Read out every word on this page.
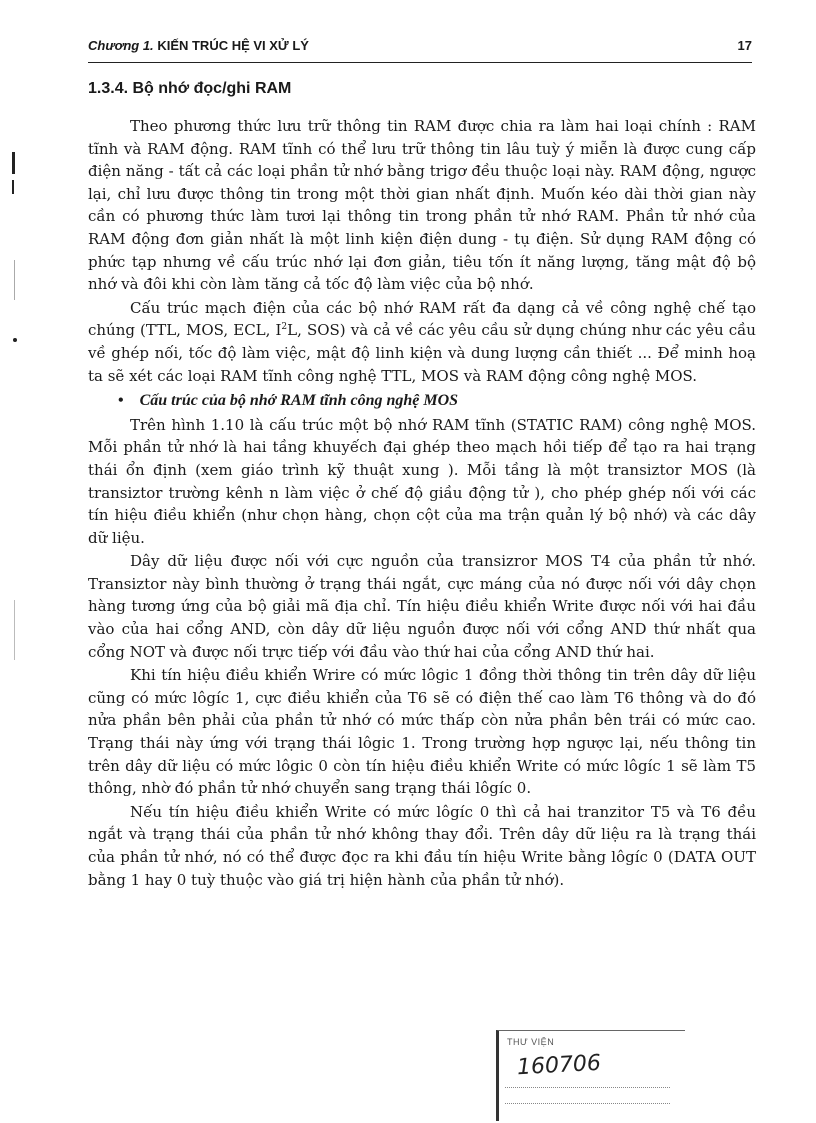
Chương 1. KIẾN TRÚC HỆ VI XỬ LÝ	17
1.3.4. Bộ nhớ đọc/ghi RAM

Theo phương thức lưu trữ thông tin RAM được chia ra làm hai loại chính : RAM tĩnh và RAM động. RAM tĩnh có thể lưu trữ thông tin lâu tuỳ ý miễn là được cung cấp điện năng - tất cả các loại phần tử nhớ bằng trigơ đều thuộc loại này. RAM động, ngược lại, chỉ lưu được thông tin trong một thời gian nhất định. Muốn kéo dài thời gian này cần có phương thức làm tươi lại thông tin trong phần tử nhớ RAM. Phần tử nhớ của RAM động đơn giản nhất là một linh kiện điện dung - tụ điện. Sử dụng RAM động có phức tạp nhưng về cấu trúc nhớ lại đơn giản, tiêu tốn ít năng lượng, tăng mật độ bộ nhớ và đôi khi còn làm tăng cả tốc độ làm việc của bộ nhớ.

Cấu trúc mạch điện của các bộ nhớ RAM rất đa dạng cả về công nghệ chế tạo chúng (TTL, MOS, ECL, $I^2L$, SOS) và cả về các yêu cầu sử dụng chúng như các yêu cầu về ghép nối, tốc độ làm việc, mật độ linh kiện và dung lượng cần thiết ... Để minh hoạ ta sẽ xét các loại RAM tĩnh công nghệ TTL, MOS và RAM động công nghệ MOS.

• Cấu trúc của bộ nhớ RAM tĩnh công nghệ MOS

Trên hình 1.10 là cấu trúc một bộ nhớ RAM tĩnh (STATIC RAM) công nghệ MOS. Mỗi phần tử nhớ là hai tầng khuyếch đại ghép theo mạch hồi tiếp để tạo ra hai trạng thái ổn định (xem giáo trình kỹ thuật xung ). Mỗi tầng là một transiztor MOS (là transiztor trường kênh n làm việc ở chế độ giầu động tử ), cho phép ghép nối với các tín hiệu điều khiển (như chọn hàng, chọn cột của ma trận quản lý bộ nhớ) và các dây dữ liệu.

Dây dữ liệu được nối với cực nguồn của transizror MOS T4 của phần tử nhớ. Transiztor này bình thường ở trạng thái ngắt, cực máng của nó được nối với dây chọn hàng tương ứng của bộ giải mã địa chỉ. Tín hiệu điều khiển Write được nối với hai đầu vào của hai cổng AND, còn dây dữ liệu nguồn được nối với cổng AND thứ nhất qua cổng NOT và được nối trực tiếp với đầu vào thứ hai của cổng AND thứ hai.

Khi tín hiệu điều khiển Wrire có mức lôgic 1 đồng thời thông tin trên dây dữ liệu cũng có mức lôgíc 1, cực điều khiển của T6 sẽ có điện thế cao làm T6 thông và do đó nửa phần bên phải của phần tử nhớ có mức thấp còn nửa phần bên trái có mức cao. Trạng thái này ứng với trạng thái lôgic 1. Trong trường hợp ngược lại, nếu thông tin trên dây dữ liệu có mức lôgic 0 còn tín hiệu điều khiển Write có mức lôgíc 1 sẽ làm T5 thông, nhờ đó phần tử nhớ chuyển sang trạng thái lôgíc 0.

Nếu tín hiệu điều khiển Write có mức lôgíc 0 thì cả hai tranzitor T5 và T6 đều ngắt và trạng thái của phần tử nhớ không thay đổi. Trên dây dữ liệu ra là trạng thái của phần tử nhớ, nó có thể được đọc ra khi đầu tín hiệu Write bằng lôgíc 0 (DATA OUT bằng 1 hay 0 tuỳ thuộc vào giá trị hiện hành của phần tử nhớ).

THƯ VIỆN
160706
